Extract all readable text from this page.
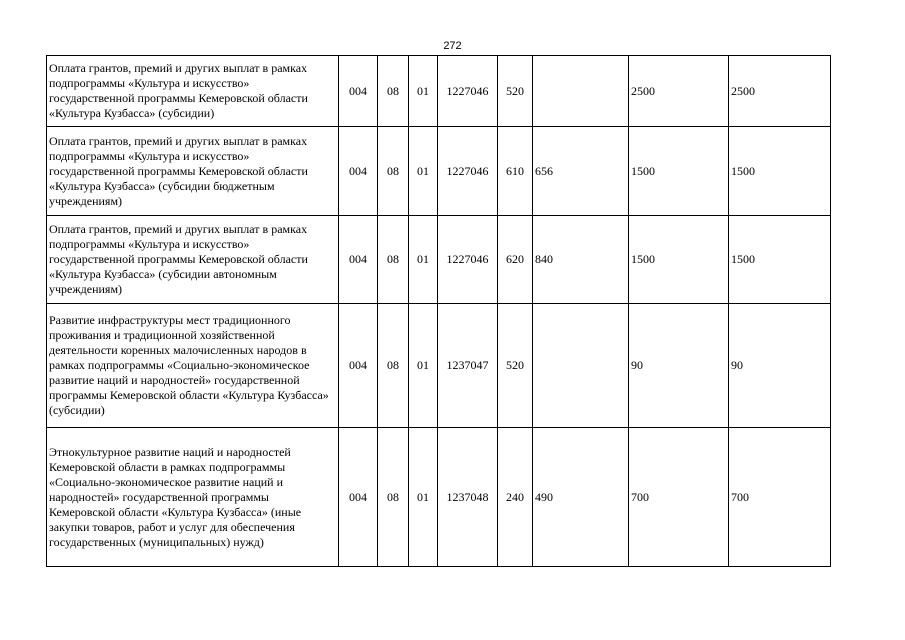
272
Оплата грантов, премий и других выплат в рамках подпрограммы «Культура и искусство» государственной программы Кемеровской области «Культура Кузбасса» (субсидии)	004	08	01	1227046	520		2500	2500
Оплата грантов, премий и других выплат в рамках подпрограммы «Культура и искусство» государственной программы Кемеровской области «Культура Кузбасса» (субсидии бюджетным учреждениям)	004	08	01	1227046	610	656	1500	1500
Оплата грантов, премий и других выплат в рамках подпрограммы «Культура и искусство» государственной программы Кемеровской области «Культура Кузбасса» (субсидии автономным учреждениям)	004	08	01	1227046	620	840	1500	1500
Развитие инфраструктуры мест традиционного проживания и традиционной хозяйственной деятельности коренных малочисленных народов в рамках подпрограммы «Социально-экономическое развитие наций и народностей» государственной программы Кемеровской области «Культура Кузбасса» (субсидии)	004	08	01	1237047	520		90	90
Этнокультурное развитие наций и народностей Кемеровской области в рамках подпрограммы «Социально-экономическое развитие наций и народностей» государственной программы Кемеровской области «Культура Кузбасса» (иные закупки товаров, работ и услуг для обеспечения государственных (муниципальных) нужд)	004	08	01	1237048	240	490	700	700
